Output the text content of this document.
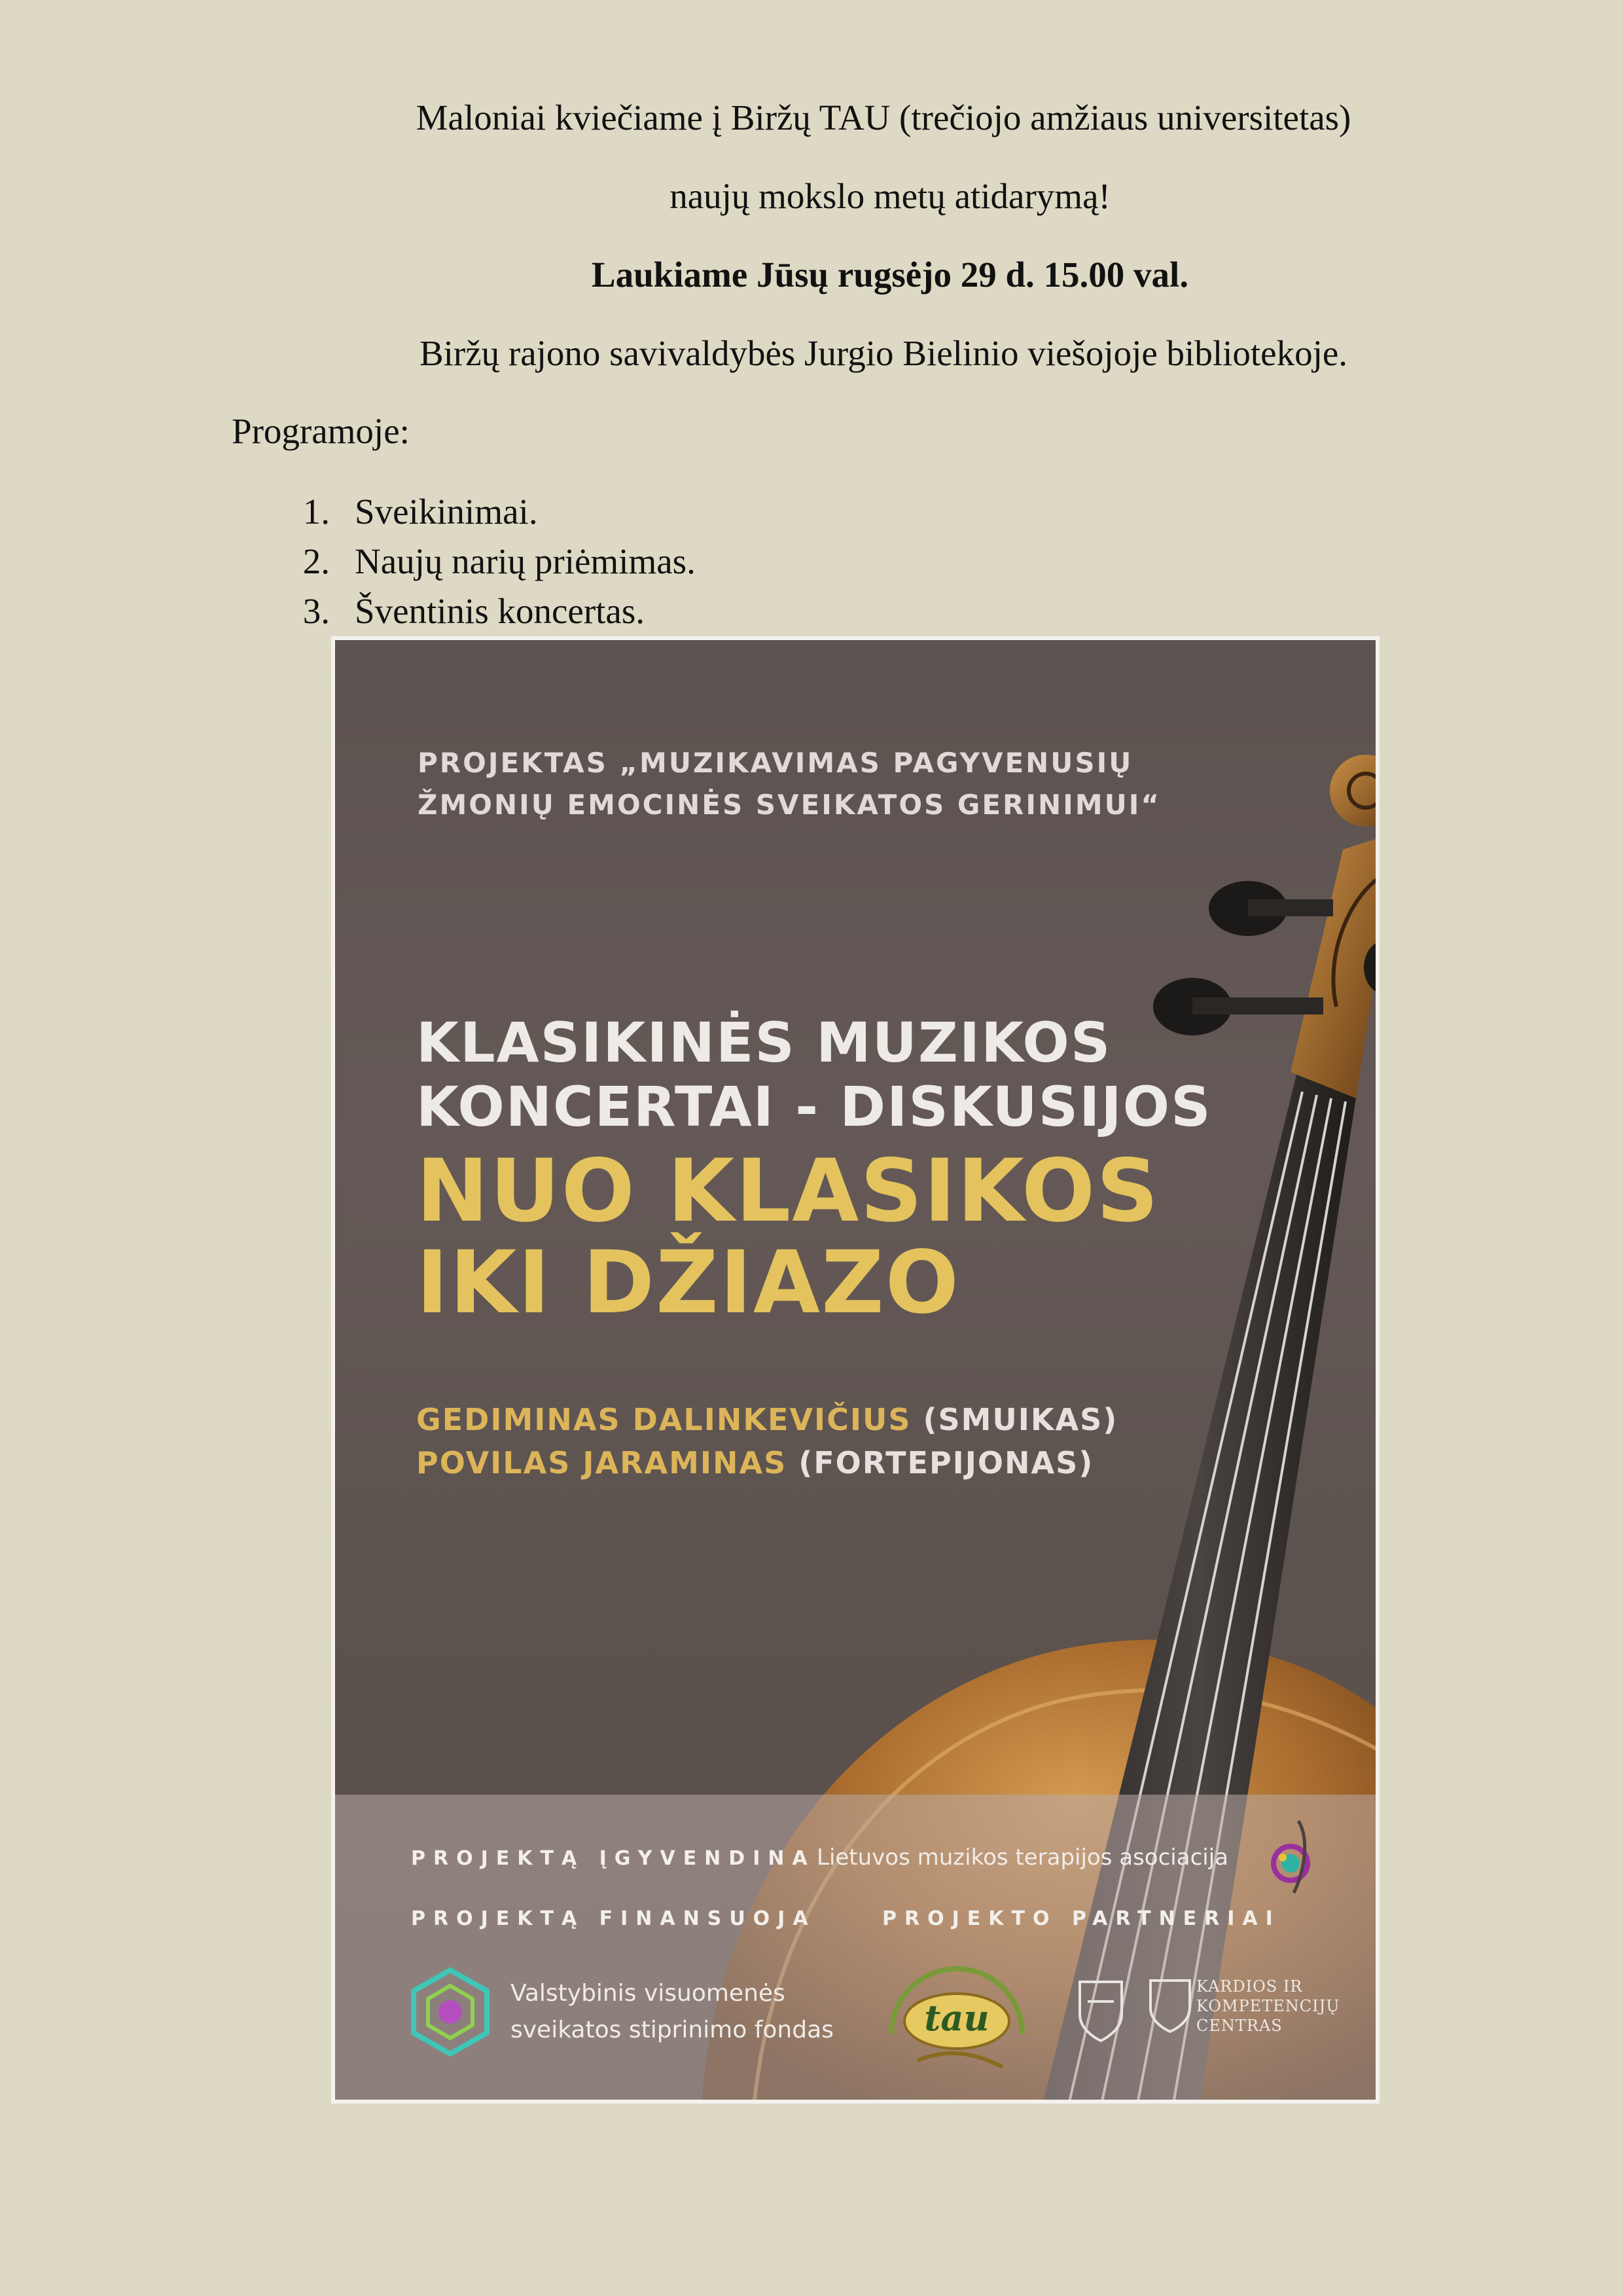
Maloniai kviečiame į Biržų TAU (trečiojo amžiaus universitetas)

naujų mokslo metų atidarymą!

Laukiame Jūsų rugsėjo 29 d. 15.00 val.

Biržų rajono savivaldybės Jurgio Bielinio viešojoje bibliotekoje.

Programoje:

1. Sveikinimai.
2. Naujų narių priėmimas.
3. Šventinis koncertas.
PROJEKTAS „MUZIKAVIMAS PAGYVENUSIŲ
ŽMONIŲ EMOCINĖS SVEIKATOS GERINIMUI“
KLASIKINĖS MUZIKOS
KONCERTAI - DISKUSIJOS
NUO KLASIKOS
IKI DŽIAZO
GEDIMINAS DALINKEVIČIUS (SMUIKAS)
POVILAS JARAMINAS (FORTEPIJONAS)
PROJEKTĄ ĮGYVENDINA Lietuvos muzikos terapijos asociacija
PROJEKTĄ FINANSUOJA	PROJEKTO PARTNERIAI
Valstybinis visuomenės
sveikatos stiprinimo fondas	tau
KARDIOS IR
KOMPETENCIJŲ
CENTRAS
